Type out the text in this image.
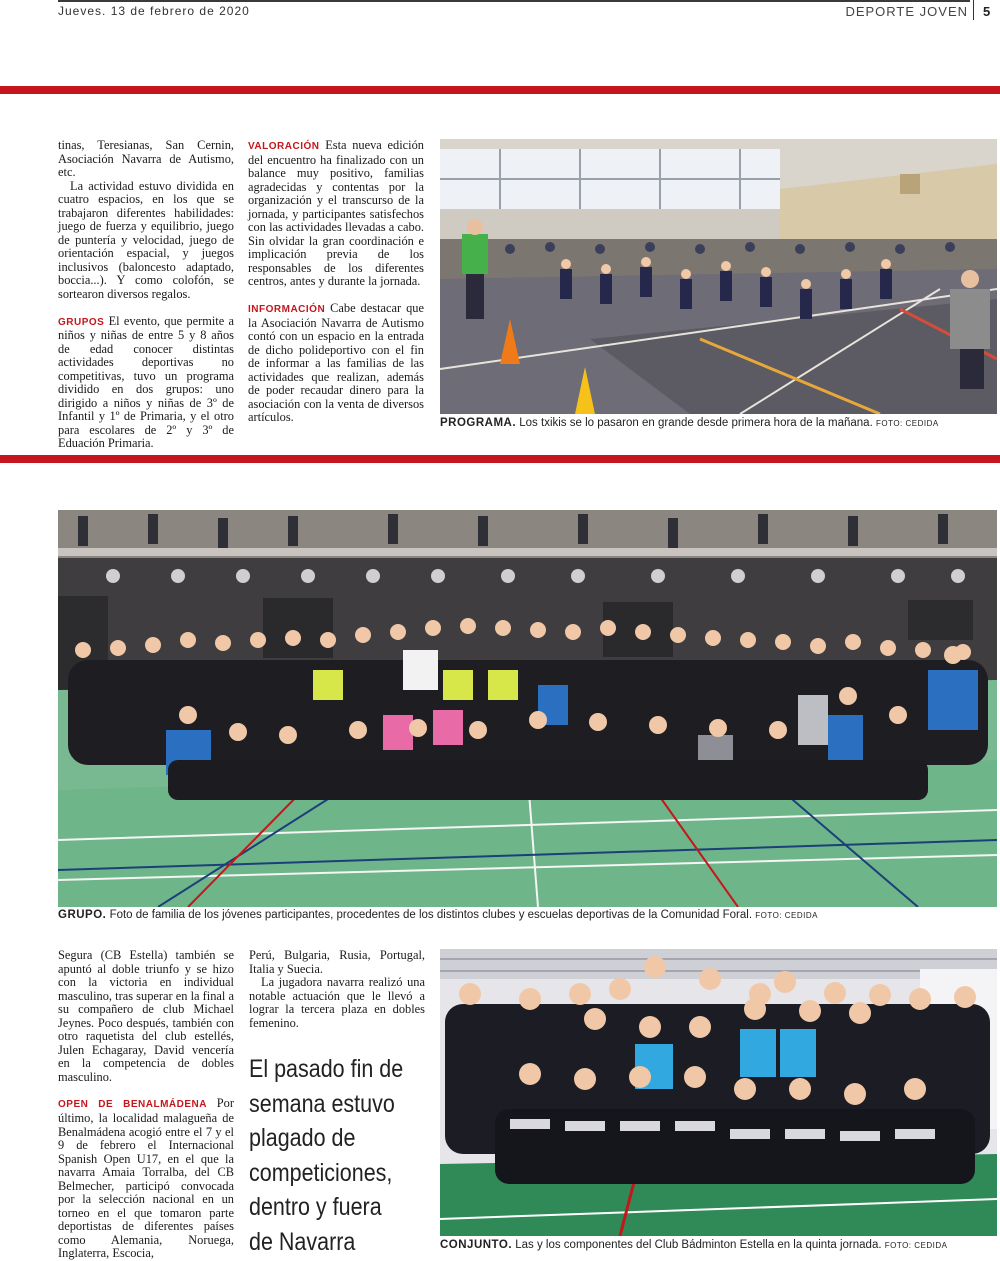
Jueves. 13 de febrero de 2020	DEPORTE JOVEN 5

tinas, Teresianas, San Cernin, Asociación Navarra de Autismo, etc.

La actividad estuvo dividida en cuatro espacios, en los que se trabajaron diferentes habilidades: juego de fuerza y equilibrio, juego de puntería y velocidad, juego de orientación espacial, y juegos inclusivos (baloncesto adaptado, boccia...). Y como colofón, se sortearon diversos regalos.

GRUPOS El evento, que permite a niños y niñas de entre 5 y 8 años de edad conocer distintas actividades deportivas no competitivas, tuvo un programa dividido en dos grupos: uno dirigido a niños y niñas de 3º de Infantil y 1º de Primaria, y el otro para escolares de 2º y 3º de Eduación Primaria.

VALORACIÓN Esta nueva edición del encuentro ha finalizado con un balance muy positivo, familias agradecidas y contentas por la organización y el transcurso de la jornada, y participantes satisfechos con las actividades llevadas a cabo. Sin olvidar la gran coordinación e implicación previa de los responsables de los diferentes centros, antes y durante la jornada.

INFORMACIÓN Cabe destacar que la Asociación Navarra de Autismo contó con un espacio en la entrada de dicho polideportivo con el fin de informar a las familias de las actividades que realizan, además de poder recaudar dinero para la asociación con la venta de diversos artículos.	PROGRAMA. Los txikis se lo pasaron en grande desde primera hora de la mañana. FOTO: CEDIDA
GRUPO. Foto de familia de los jóvenes participantes, procedentes de los distintos clubes y escuelas deportivas de la Comunidad Foral. FOTO: CEDIDA

Segura (CB Estella) también se apuntó al doble triunfo y se hizo con la victoria en individual masculino, tras superar en la final a su compañero de club Michael Jeynes. Poco después, también con otro raquetista del club estellés, Julen Echagaray, David vencería en la competencia de dobles masculino.

OPEN DE BENALMÁDENA Por último, la localidad malagueña de Benalmádena acogió entre el 7 y el 9 de febrero el Internacional Spanish Open U17, en el que la navarra Amaia Torralba, del CB Belmecher, participó convocada por la selección nacional en un torneo en el que tomaron parte deportistas de diferentes países como Alemania, Noruega, Inglaterra, Escocia,

Perú, Bulgaria, Rusia, Portugal, Italia y Suecia.

La jugadora navarra realizó una notable actuación que le llevó a lograr la tercera plaza en dobles femenino.

El pasado fin de semana estuvo plagado de competiciones, dentro y fuera de Navarra	CONJUNTO. Las y los componentes del Club Bádminton Estella en la quinta jornada. FOTO: CEDIDA
